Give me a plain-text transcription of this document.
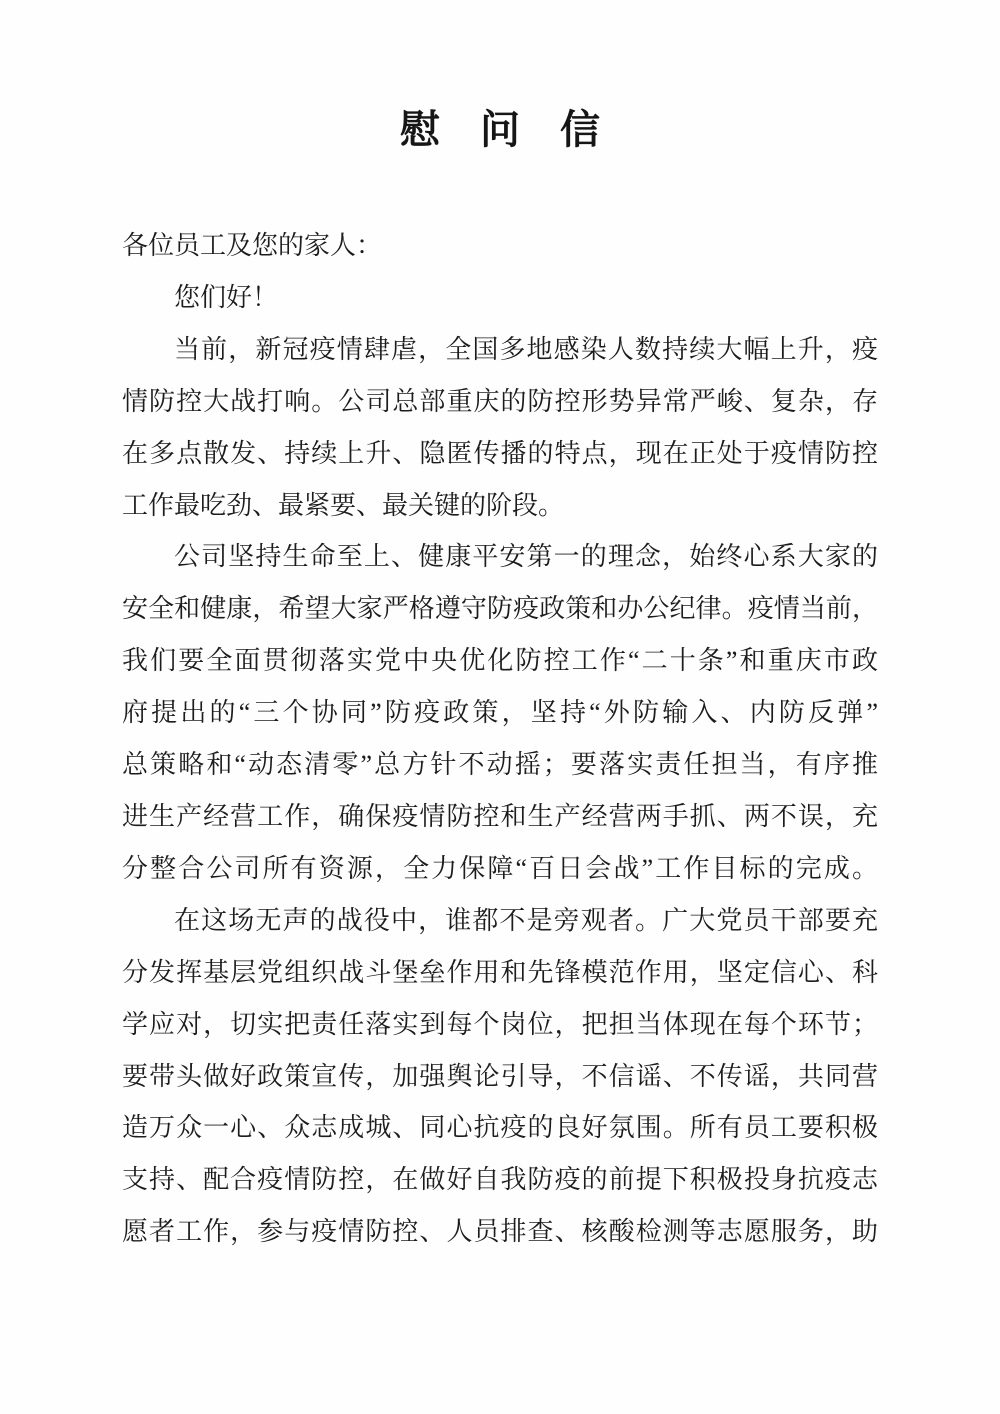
慰　问　信
各位员工及您的家人：
您们好！
当前，新冠疫情肆虐，全国多地感染人数持续大幅上升，疫
情防控大战打响。公司总部重庆的防控形势异常严峻、复杂，存
在多点散发、持续上升、隐匿传播的特点，现在正处于疫情防控
工作最吃劲、最紧要、最关键的阶段。
公司坚持生命至上、健康平安第一的理念，始终心系大家的
安全和健康，希望大家严格遵守防疫政策和办公纪律。疫情当前，
我们要全面贯彻落实党中央优化防控工作“二十条”和重庆市政
府提出的“三个协同”防疫政策，坚持“外防输入、内防反弹”
总策略和“动态清零”总方针不动摇；要落实责任担当，有序推
进生产经营工作，确保疫情防控和生产经营两手抓、两不误，充
分整合公司所有资源，全力保障“百日会战”工作目标的完成。
在这场无声的战役中，谁都不是旁观者。广大党员干部要充
分发挥基层党组织战斗堡垒作用和先锋模范作用，坚定信心、科
学应对，切实把责任落实到每个岗位，把担当体现在每个环节；
要带头做好政策宣传，加强舆论引导，不信谣、不传谣，共同营
造万众一心、众志成城、同心抗疫的良好氛围。所有员工要积极
支持、配合疫情防控，在做好自我防疫的前提下积极投身抗疫志
愿者工作，参与疫情防控、人员排查、核酸检测等志愿服务，助
